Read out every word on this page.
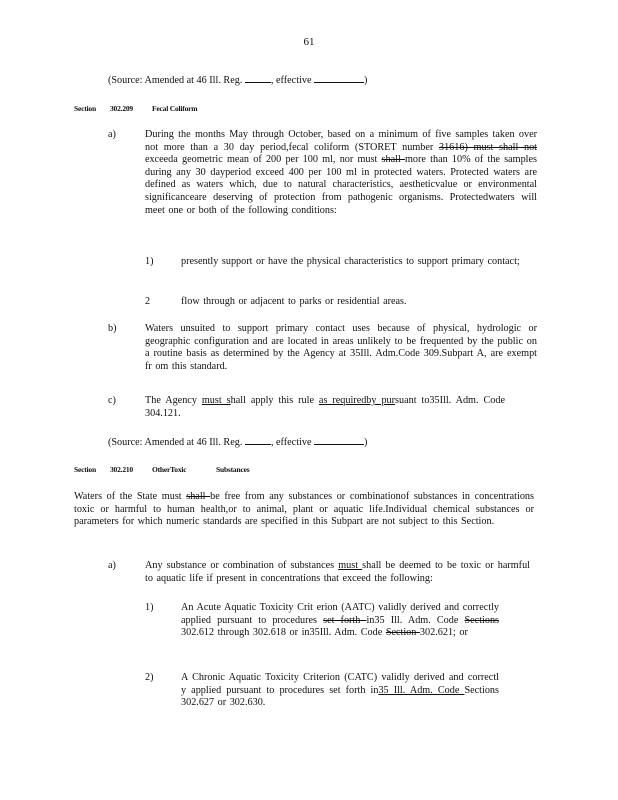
61
(Source: Amended at 46 Ill. Reg.	, effective	)
Section 302.209	Fecal Coliform
a)	During the months May through October, based on a minimum of five samples taken over not more than a 30 day period,fecal coliform (STORET number 31616) must shall not exceeda geometric mean of 200 per 100 ml, nor must shall more than 10% of the samples during any 30 dayperiod exceed 400 per 100 ml in protected waters. Protected waters are defined as waters which, due to natural characteristics, aestheticvalue or environmental significanceare deserving of protection from pathogenic organisms. Protectedwaters will meet one or both of the following conditions:
1)	presently support or have the physical characteristics to support primary contact;
2	flow through or adjacent to parks or residential areas.
b)	Waters unsuited to support primary contact uses because of physical, hydrologic or geographic configuration and are located in areas unlikely to be frequented by the public on a routine basis as determined by the Agency at 35Ill. Adm.Code 309.Subpart A, are exempt fr om this standard.
c)	The Agency must shall apply this rule as requiredby pursuant to35Ill. Adm. Code 304.121.
(Source: Amended at 46 Ill. Reg.	, effective	)
Section 302.210	OtherToxic	Substances
Waters of the State must shall be free from any substances or combinationof substances in concentrations toxic or harmful to human health,or to animal, plant or aquatic life.Individual chemical substances or parameters for which numeric standards are specified in this Subpart are not subject to this Section.
a)	Any substance or combination of substances must shall be deemed to be toxic or harmful to aquatic life if present in concentrations that exceed the following:
1)	An Acute Aquatic Toxicity Crit erion (AATC) validly derived and correctly applied pursuant to procedures set forth in35 Ill. Adm. Code Sections 302.612 through 302.618 or in35Ill. Adm. Code Section 302.621; or
2)	A Chronic Aquatic Toxicity Criterion (CATC) validly derived and correctl y applied pursuant to procedures set forth in35 Ill. Adm. Code Sections 302.627 or 302.630.
